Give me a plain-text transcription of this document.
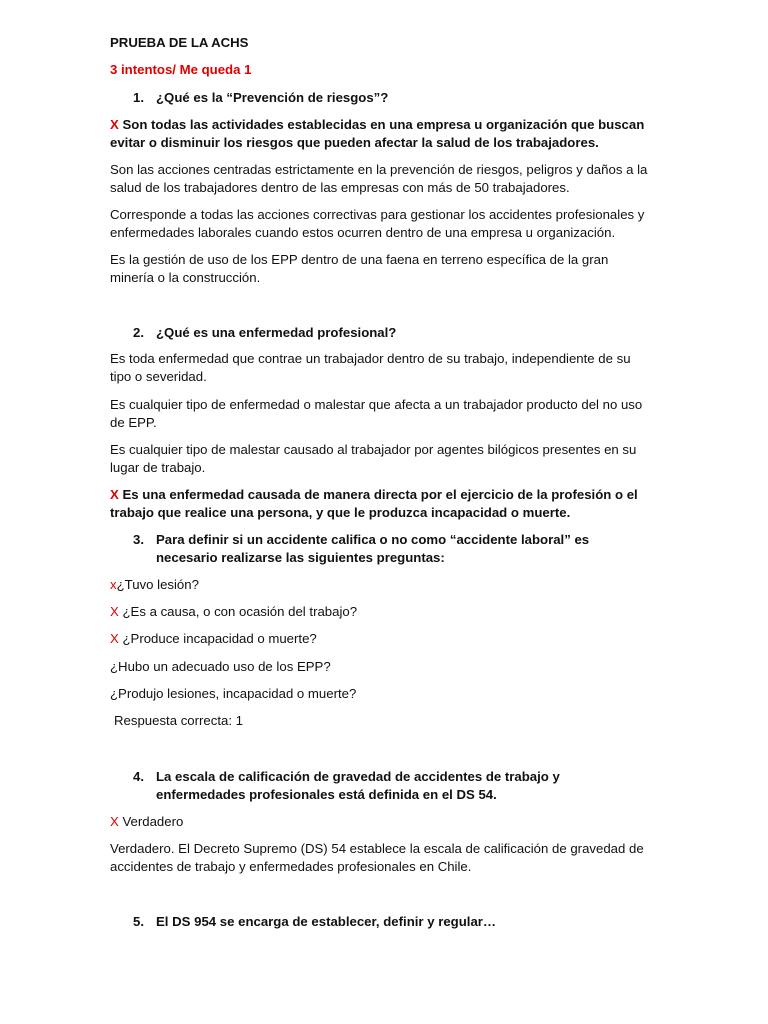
PRUEBA DE LA ACHS

3 intentos/ Me queda 1

1. ¿Qué es la “Prevención de riesgos”?

X Son todas las actividades establecidas en una empresa u organización que buscan evitar o disminuir los riesgos que pueden afectar la salud de los trabajadores.

Son las acciones centradas estrictamente en la prevención de riesgos, peligros y daños a la salud de los trabajadores dentro de las empresas con más de 50 trabajadores.

Corresponde a todas las acciones correctivas para gestionar los accidentes profesionales y enfermedades laborales cuando estos ocurren dentro de una empresa u organización.

Es la gestión de uso de los EPP dentro de una faena en terreno específica de la gran minería o la construcción.

2. ¿Qué es una enfermedad profesional?

Es toda enfermedad que contrae un trabajador dentro de su trabajo, independiente de su tipo o severidad.

Es cualquier tipo de enfermedad o malestar que afecta a un trabajador producto del no uso de EPP.

Es cualquier tipo de malestar causado al trabajador por agentes bilógicos presentes en su lugar de trabajo.

X Es una enfermedad causada de manera directa por el ejercicio de la profesión o el trabajo que realice una persona, y que le produzca incapacidad o muerte.

3. Para definir si un accidente califica o no como “accidente laboral” es necesario realizarse las siguientes preguntas:

x¿Tuvo lesión?

X ¿Es a causa, o con ocasión del trabajo?

X ¿Produce incapacidad o muerte?

¿Hubo un adecuado uso de los EPP?

¿Produjo lesiones, incapacidad o muerte?

Respuesta correcta: 1

4. La escala de calificación de gravedad de accidentes de trabajo y enfermedades profesionales está definida en el DS 54.

X Verdadero

Verdadero. El Decreto Supremo (DS) 54 establece la escala de calificación de gravedad de accidentes de trabajo y enfermedades profesionales en Chile.

5. El DS 954 se encarga de establecer, definir y regular…
